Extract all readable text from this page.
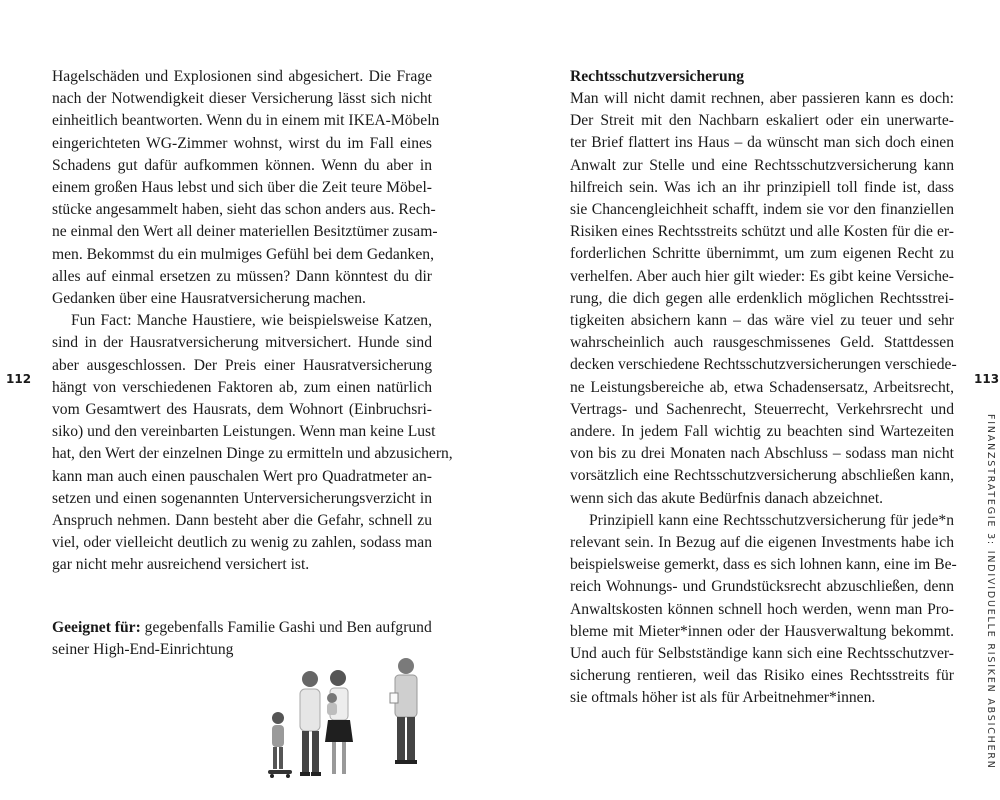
Hagelschäden und Explosionen sind abgesichert. Die Frage

nach der Notwendigkeit dieser Versicherung lässt sich nicht

einheitlich beantworten. Wenn du in einem mit IKEA-Möbeln

eingerichteten WG-Zimmer wohnst, wirst du im Fall eines

Schadens gut dafür aufkommen können. Wenn du aber in

einem großen Haus lebst und sich über die Zeit teure Möbel-

stücke angesammelt haben, sieht das schon anders aus. Rech-

ne einmal den Wert all deiner materiellen Besitztümer zusam-

men. Bekommst du ein mulmiges Gefühl bei dem Gedanken,

alles auf einmal ersetzen zu müssen? Dann könntest du dir

Gedanken über eine Hausratversicherung machen.

Fun Fact: Manche Haustiere, wie beispielsweise Katzen,

sind in der Hausratversicherung mitversichert. Hunde sind

aber ausgeschlossen. Der Preis einer Hausratversicherung

hängt von verschiedenen Faktoren ab, zum einen natürlich

vom Gesamtwert des Hausrats, dem Wohnort (Einbruchsri-

siko) und den vereinbarten Leistungen. Wenn man keine Lust

hat, den Wert der einzelnen Dinge zu ermitteln und abzusichern,

kann man auch einen pauschalen Wert pro Quadratmeter an-

setzen und einen sogenannten Unterversicherungsverzicht in

Anspruch nehmen. Dann besteht aber die Gefahr, schnell zu

viel, oder vielleicht deutlich zu wenig zu zahlen, sodass man

gar nicht mehr ausreichend versichert ist.

Geeignet für: gegebenfalls Familie Gashi und Ben aufgrund

seiner High-End-Einrichtung

112

Rechtsschutzversicherung

Man will nicht damit rechnen, aber passieren kann es doch:

Der Streit mit den Nachbarn eskaliert oder ein unerwarte-

ter Brief flattert ins Haus – da wünscht man sich doch einen

Anwalt zur Stelle und eine Rechtsschutzversicherung kann

hilfreich sein. Was ich an ihr prinzipiell toll finde ist, dass

sie Chancengleichheit schafft, indem sie vor den finanziellen

Risiken eines Rechtsstreits schützt und alle Kosten für die er-

forderlichen Schritte übernimmt, um zum eigenen Recht zu

verhelfen. Aber auch hier gilt wieder: Es gibt keine Versiche-

rung, die dich gegen alle erdenklich möglichen Rechtsstrei-

tigkeiten absichern kann – das wäre viel zu teuer und sehr

wahrscheinlich auch rausgeschmissenes Geld. Stattdessen

decken verschiedene Rechtsschutzversicherungen verschiede-

ne Leistungsbereiche ab, etwa Schadensersatz, Arbeitsrecht,

Vertrags- und Sachenrecht, Steuerrecht, Verkehrsrecht und

andere. In jedem Fall wichtig zu beachten sind Wartezeiten

von bis zu drei Monaten nach Abschluss – sodass man nicht

vorsätzlich eine Rechtsschutzversicherung abschließen kann,

wenn sich das akute Bedürfnis danach abzeichnet.

Prinzipiell kann eine Rechtsschutzversicherung für jede*n

relevant sein. In Bezug auf die eigenen Investments habe ich

beispielsweise gemerkt, dass es sich lohnen kann, eine im Be-

reich Wohnungs- und Grundstücksrecht abzuschließen, denn

Anwaltskosten können schnell hoch werden, wenn man Pro-

bleme mit Mieter*innen oder der Hausverwaltung bekommt.

Und auch für Selbstständige kann sich eine Rechtsschutzver-

sicherung rentieren, weil das Risiko eines Rechtsstreits für

sie oftmals höher ist als für Arbeitnehmer*innen.

113
FINANZSTRATEGIE 3: INDIVIDUELLE RISIKEN ABSICHERN
